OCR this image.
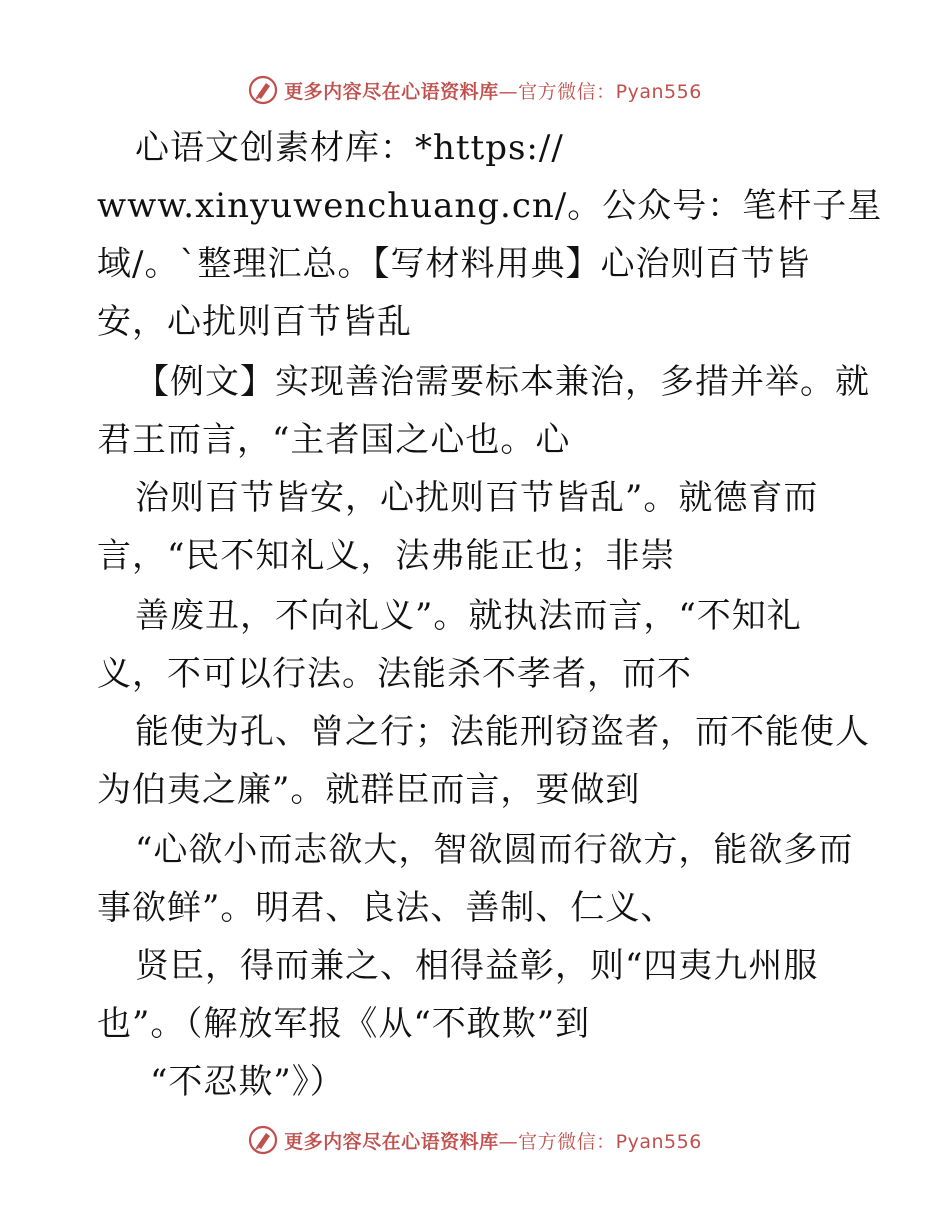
更多内容尽在心语资料库—官方微信：Pyan556
心语文创素材库：*https://
www.xinyuwenchuang.cn/。公众号：笔杆子星
域/。`整理汇总。【写材料用典】心治则百节皆
安，心扰则百节皆乱
【例文】实现善治需要标本兼治，多措并举。就
君王而言，“主者国之心也。心
治则百节皆安，心扰则百节皆乱”。就德育而
言，“民不知礼义，法弗能正也；非崇
善废丑，不向礼义”。就执法而言，“不知礼
义，不可以行法。法能杀不孝者，而不
能使为孔、曾之行；法能刑窃盗者，而不能使人
为伯夷之廉”。就群臣而言，要做到
“心欲小而志欲大，智欲圆而行欲方，能欲多而
事欲鲜”。明君、良法、善制、仁义、
贤臣，得而兼之、相得益彰，则“四夷九州服
也”。（解放军报《从“不敢欺”到
“不忍欺”》）
更多内容尽在心语资料库—官方微信：Pyan556
